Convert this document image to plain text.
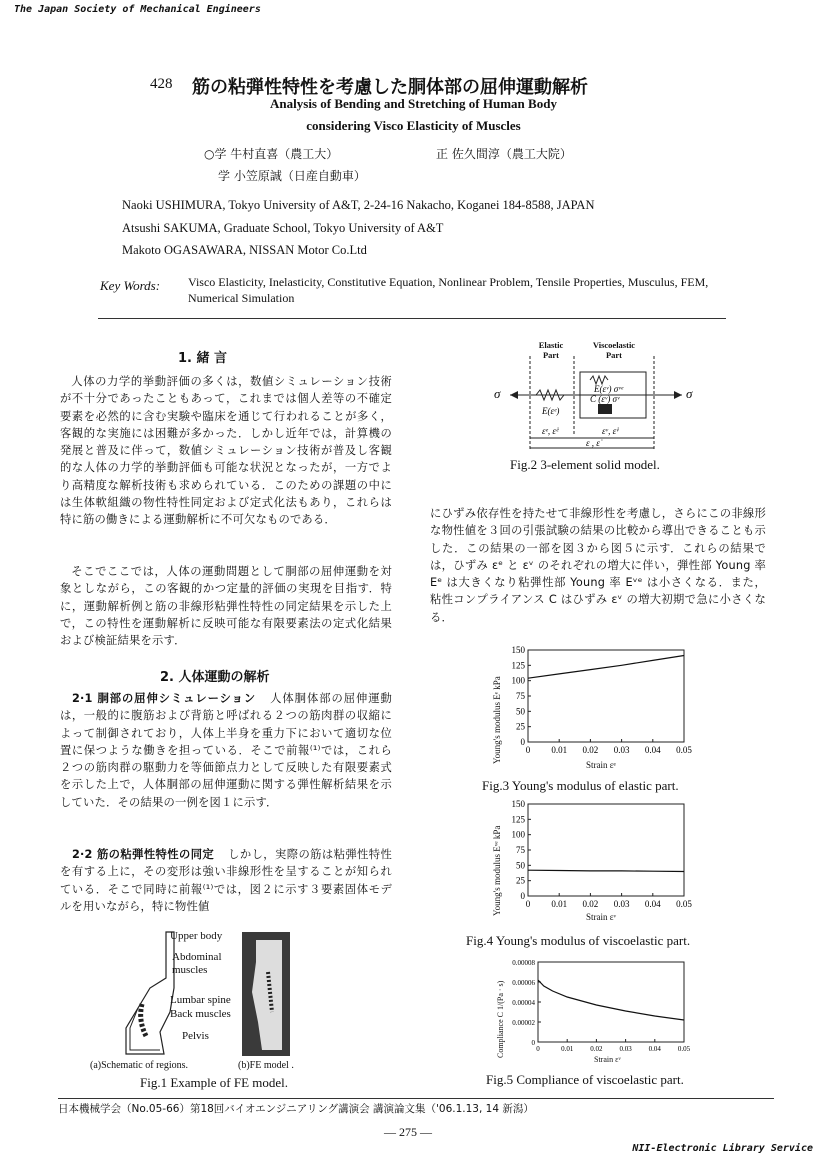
The Japan Society of Mechanical Engineers
NII-Electronic Library Service
428 筋の粘弾性特性を考慮した胴体部の屈伸運動解析
Analysis of Bending and Stretching of Human Body
considering Visco Elasticity of Muscles
○学 牛村直喜（農工大）	正 佐久間淳（農工大院）
学 小笠原誠（日産自動車）
Naoki USHIMURA, Tokyo University of A&T, 2-24-16 Nakacho, Koganei 184-8588, JAPAN
Atsushi SAKUMA, Graduate School, Tokyo University of A&T
Makoto OGASAWARA, NISSAN Motor Co.Ltd
Key Words: Visco Elasticity, Inelasticity, Constitutive Equation, Nonlinear Problem, Tensile Properties, Musculus, FEM, Numerical Simulation
1. 緒 言
人体の力学的挙動評価の多くは，数値シミュレーション技術が不十分であったこともあって，これまでは個人差等の不確定要素を必然的に含む実験や臨床を通じて行われることが多く，客観的な実施には困難が多かった．しかし近年では，計算機の発展と普及に伴って，数値シミュレーション技術が普及し客観的な人体の力学的挙動評価も可能な状況となったが，一方でより高精度な解析技術も求められている．このための課題の中には生体軟組織の物性特性同定および定式化法もあり，これらは特に筋の働きによる運動解析に不可欠なものである．
そこでここでは，人体の運動問題として胴部の屈伸運動を対象としながら，この客観的かつ定量的評価の実現を目指す．特に，運動解析例と筋の非線形粘弾性特性の同定結果を示した上で，この特性を運動解析に反映可能な有限要素法の定式化結果および検証結果を示す．
2. 人体運動の解析
2·1 胴部の屈伸シミュレーション 人体胴体部の屈伸運動は，一般的に腹筋および背筋と呼ばれる２つの筋肉群の収縮によって制御されており，人体上半身を重力下において適切な位置に保つような働きを担っている．そこで前報⁽¹⁾では，これら２つの筋肉群の駆動力を等価節点力として反映した有限要素式を示した上で，人体胴部の屈伸運動に関する弾性解析結果を示していた．その結果の一例を図１に示す．
2·2 筋の粘弾性特性の同定 しかし，実際の筋は粘弾性特性を有する上に，その変形は強い非線形性を呈することが知られている．そこで同時に前報⁽¹⁾では，図２に示す３要素固体モデルを用いながら，特に物性値
Upper body
Abdominal
muscles
Lumbar spine
Back muscles
Pelvis
(a)Schematic of regions.	(b)FE model .
Fig.1 Example of FE model.
E(εᵉ)
E(εᵛ) σᵛᵉ
C (εᵛ) σᵛ
εᵉ, ε̇ᵉ	εᵛ, ε̇ᵛ
ε , ε̇
Elastic
Part
Viscoelastic
Part
σ	σ
Fig.2 3-element solid model.
にひずみ依存性を持たせて非線形性を考慮し，さらにこの非線形な物性値を３回の引張試験の結果の比較から導出できることも示した．この結果の一部を図３から図５に示す．これらの結果では，ひずみ εᵉ と εᵛ のそれぞれの増大に伴い，弾性部 Young 率 Eᵉ は大きくなり粘弾性部 Young 率 Eᵛᵉ は小さくなる．また，粘性コンプライアンス C はひずみ εᵛ の増大初期で急に小さくなる．
0
25
50
75
100
125
150
0 0.01 0.02 0.03 0.04 0.05
Young's modulus Eᵉ kPa
Strain εᵉ
Fig.3 Young's modulus of elastic part.
0
25
50
75
100
125
150
0 0.01 0.02 0.03 0.04 0.05
Young's modulus Eᵛᵉ kPa
Strain εᵛ
Fig.4 Young's modulus of viscoelastic part.
0
0.00002
0.00004
0.00006
0.00008
0	0.01 0.02 0.03 0.04 0.05
Compliance C 1/(Pa · s)
Strain εᵛ
Fig.5 Compliance of viscoelastic part.
日本機械学会（No.05-66）第18回バイオエンジニアリング講演会 講演論文集（'06.1.13, 14 新潟）
— 275 —
